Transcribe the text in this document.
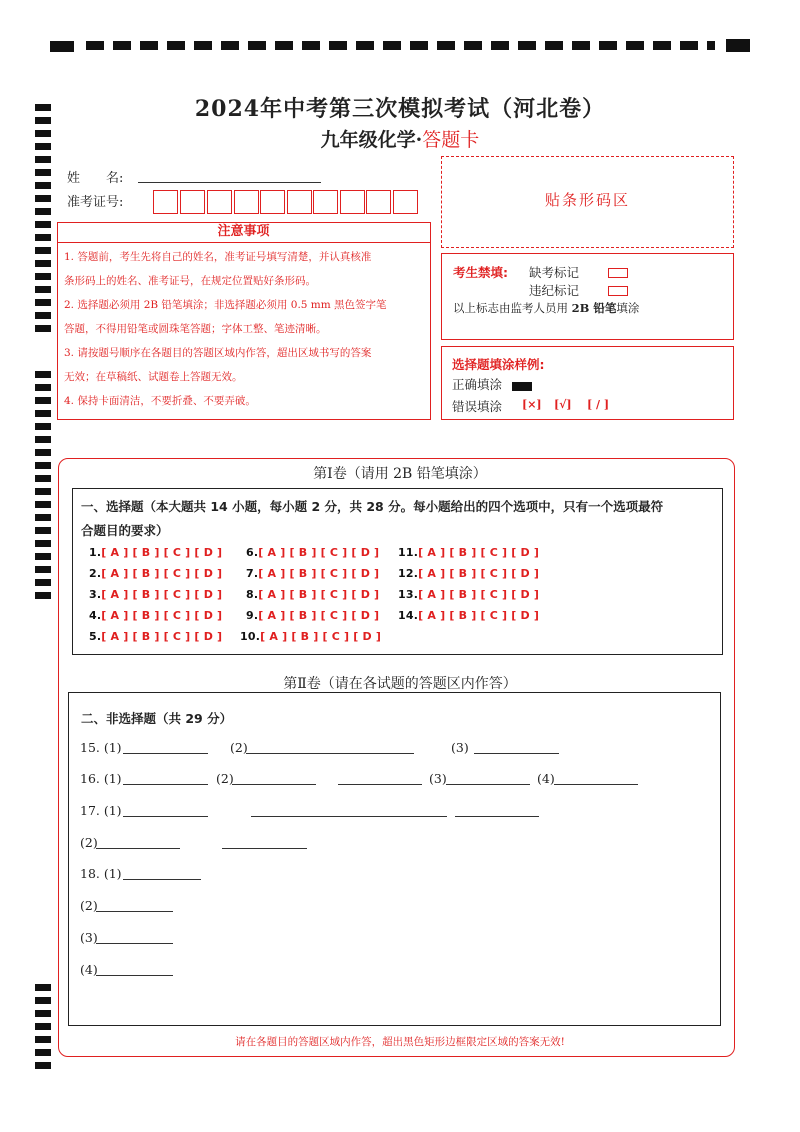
2024年中考第三次模拟考试（河北卷）
九年级化学·答题卡
姓　　名:
准考证号:	贴条形码区
注意事项
1. 答题前，考生先将自己的姓名，准考证号填写清楚，并认真核准
条形码上的姓名、准考证号，在规定位置贴好条形码。
2. 选择题必须用 2B 铅笔填涂；非选择题必须用 0.5 mm 黑色签字笔
答题，不得用铅笔或圆珠笔答题；字体工整、笔迹清晰。
3. 请按题号顺序在各题目的答题区域内作答，超出区域书写的答案
无效；在草稿纸、试题卷上答题无效。
4. 保持卡面清洁，不要折叠、不要弄破。
考生禁填: 缺考标记
违纪标记
以上标志由监考人员用 2B 铅笔填涂
选择题填涂样例:
正确填涂
错误填涂 [×] [√] [ / ]
第Ⅰ卷（请用 2B 铅笔填涂）
一、选择题（本大题共 14 小题，每小题 2 分，共 28 分。每小题给出的四个选项中，只有一个选项最符
合题目的要求）
1.[ A ] [ B ] [ C ] [ D ]
2.[ A ] [ B ] [ C ] [ D ]
3.[ A ] [ B ] [ C ] [ D ]
4.[ A ] [ B ] [ C ] [ D ]
5.[ A ] [ B ] [ C ] [ D ]
6.[ A ] [ B ] [ C ] [ D ]
7.[ A ] [ B ] [ C ] [ D ]
8.[ A ] [ B ] [ C ] [ D ]
9.[ A ] [ B ] [ C ] [ D ]
10.[ A ] [ B ] [ C ] [ D ]
11.[ A ] [ B ] [ C ] [ D ]
12.[ A ] [ B ] [ C ] [ D ]
13.[ A ] [ B ] [ C ] [ D ]
14.[ A ] [ B ] [ C ] [ D ]
第Ⅱ卷（请在各试题的答题区内作答）
二、非选择题（共 29 分）
15. (1)	(2)	(3)
16. (1)	(2)	(3)	(4)
17. (1)
(2)
18. (1)
(2)
(3)
(4)
请在各题目的答题区域内作答，超出黑色矩形边框限定区域的答案无效!
